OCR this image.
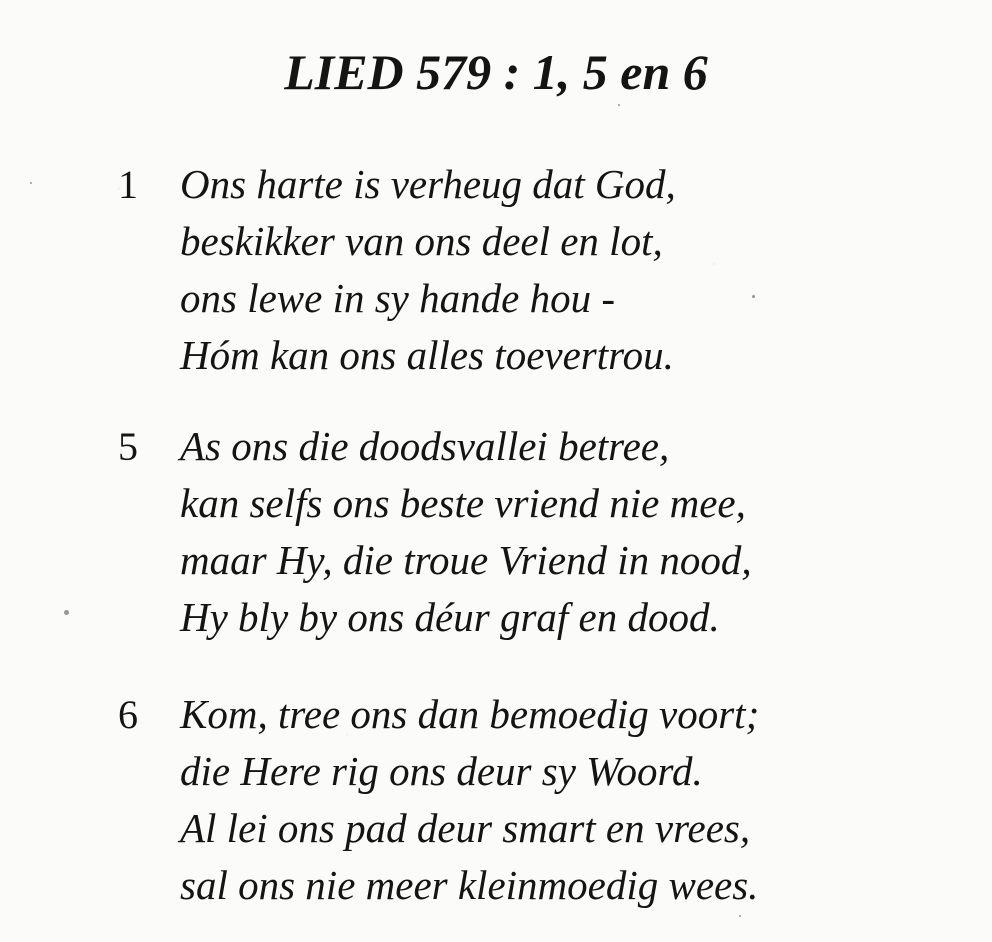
LIED 579 : 1, 5 en 6
1	Ons harte is verheug dat God,
beskikker van ons deel en lot,
ons lewe in sy hande hou -
Hóm kan ons alles toevertrou.
5	As ons die doodsvallei betree,
kan selfs ons beste vriend nie mee,
maar Hy, die troue Vriend in nood,
Hy bly by ons déur graf en dood.
6	Kom, tree ons dan bemoedig voort;
die Here rig ons deur sy Woord.
Al lei ons pad deur smart en vrees,
sal ons nie meer kleinmoedig wees.
